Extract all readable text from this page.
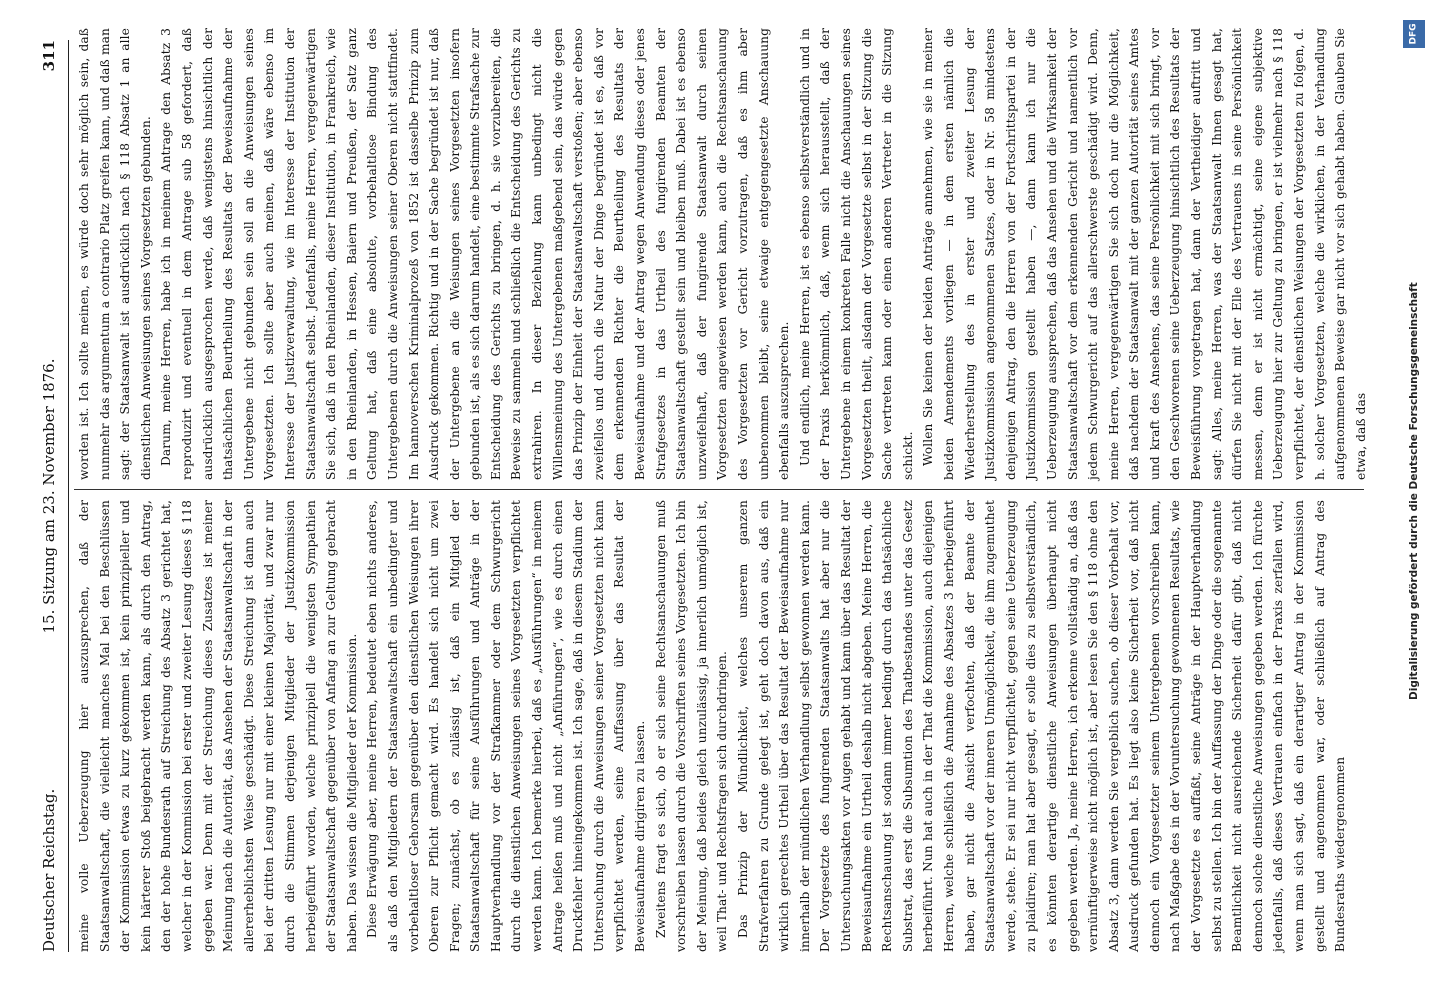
Deutscher Reichstag.
15. Sitzung am 23. November 1876.
311

meine volle Ueberzeugung hier auszusprechen, daß der Staatsanwaltschaft, die vielleicht manches Mal bei den Beschlüssen der Kommission etwas zu kurz gekommen ist, kein prinzipieller und kein härterer Stoß beigebracht werden kann, als durch den Antrag, den der hohe Bundesrath auf Streichung des Absatz 3 gerichtet hat, welcher in der Kommission bei erster und zweiter Lesung dieses § 118 gegeben war. Denn mit der Streichung dieses Zusatzes ist meiner Meinung nach die Autorität, das Ansehen der Staatsanwaltschaft in der allererheblichsten Weise geschädigt. Diese Streichung ist dann auch bei der dritten Lesung nur mit einer kleinen Majorität, und zwar nur durch die Stimmen derjenigen Mitglieder der Justizkommission herbeigeführt worden, welche prinzipiell die wenigsten Sympathien der Staatsanwaltschaft gegenüber von Anfang an zur Geltung gebracht haben. Das wissen die Mitglieder der Kommission. Diese Erwägung aber, meine Herren, bedeutet eben nichts anderes, als daß den Mitgliedern der Staatsanwaltschaft ein unbedingter und vorbehaltloser Gehorsam gegenüber den dienstlichen Weisungen ihrer Oberen zur Pflicht gemacht wird. Es handelt sich nicht um zwei Fragen; zunächst, ob es zulässig ist, daß ein Mitglied der Staatsanwaltschaft für seine Ausführungen und Anträge in der Hauptverhandlung vor der Strafkammer oder dem Schwurgericht durch die dienstlichen Anweisungen seines Vorgesetzten verpflichtet werden kann. Ich bemerke hierbei, daß es „Ausführungen“ in meinem Antrage heißen muß und nicht „Anführungen“, wie es durch einen Druckfehler hineingekommen ist. Ich sage, daß in diesem Stadium der Untersuchung durch die Anweisungen seiner Vorgesetzten nicht kann verpflichtet werden, seine Auffassung über das Resultat der Beweisaufnahme dirigiren zu lassen. Zweitens fragt es sich, ob er sich seine Rechtsanschauungen muß vorschreiben lassen durch die Vorschriften seines Vorgesetzten. Ich bin der Meinung, daß beides gleich unzulässig, ja innerlich unmöglich ist, weil That- und Rechtsfragen sich durchdringen. Das Prinzip der Mündlichkeit, welches unserem ganzen Strafverfahren zu Grunde gelegt ist, geht doch davon aus, daß ein wirklich gerechtes Urtheil über das Resultat der Beweisaufnahme nur innerhalb der mündlichen Verhandlung selbst gewonnen werden kann. Der Vorgesetzte des fungirenden Staatsanwalts hat aber nur die Untersuchungsakten vor Augen gehabt und kann über das Resultat der Beweisaufnahme ein Urtheil deshalb nicht abgeben. Meine Herren, die Rechtsanschauung ist sodann immer bedingt durch das thatsächliche Substrat, das erst die Subsumtion des Thatbestandes unter das Gesetz herbeiführt. Nun hat auch in der That die Kommission, auch diejenigen Herren, welche schließlich die Annahme des Absatzes 3 herbeigeführt haben, gar nicht die Ansicht verfochten, daß der Beamte der Staatsanwaltschaft vor der inneren Unmöglichkeit, die ihm zugemuthet werde, stehe. Er sei nur nicht verpflichtet, gegen seine Ueberzeugung zu plaidiren; man hat aber gesagt, er solle dies zu selbstverständlich, es könnten derartige dienstliche Anweisungen überhaupt nicht gegeben werden. Ja, meine Herren, ich erkenne vollständig an, daß das vernünftigerweise nicht möglich ist, aber lesen Sie den § 118 ohne den Absatz 3, dann werden Sie vergeblich suchen, ob dieser Vorbehalt vor, Ausdruck gefunden hat. Es liegt also keine Sicherheit vor, daß nicht dennoch ein Vorgesetzter seinem Untergebenen vorschreiben kann, nach Maßgabe des in der Voruntersuchung gewonnenen Resultats, wie der Vorgesetzte es auffaßt, seine Anträge in der Hauptverhandlung selbst zu stellen. Ich bin der Auffassung der Dinge oder die sogenannte Beamtlichkeit nicht ausreichende Sicherheit dafür gibt, daß nicht dennoch solche dienstliche Anweisungen gegeben werden. Ich fürchte jedenfalls, daß dieses Vertrauen einfach in der Praxis zerfallen wird, wenn man sich sagt, daß ein derartiger Antrag in der Kommission gestellt und angenommen war, oder schließlich auf Antrag des Bundesraths wiedergenommen

worden ist. Ich sollte meinen, es würde doch sehr möglich sein, daß nunmehr das argumentum a contrario Platz greifen kann, und daß man sagt: der Staatsanwalt ist ausdrücklich nach § 118 Absatz 1 an alle dienstlichen Anweisungen seines Vorgesetzten gebunden. Darum, meine Herren, habe ich in meinem Antrage den Absatz 3 reproduzirt und eventuell in dem Antrage sub 58 gefordert, daß ausdrücklich ausgesprochen werde, daß wenigstens hinsichtlich der thatsächlichen Beurtheilung des Resultats der Beweisaufnahme der Untergebene nicht gebunden sein soll an die Anweisungen seines Vorgesetzten. Ich sollte aber auch meinen, daß wäre ebenso im Interesse der Justizverwaltung, wie im Interesse der Institution der Staatsanwaltschaft selbst. Jedenfalls, meine Herren, vergegenwärtigen Sie sich, daß in den Rheinlanden, dieser Institution, in Frankreich, wie in den Rheinlanden, in Hessen, Baiern und Preußen, der Satz ganz Geltung hat, daß eine absolute, vorbehaltlose Bindung des Untergebenen durch die Anweisungen seiner Oberen nicht stattfindet. Im hannoverschen Kriminalprozeß von 1852 ist dasselbe Prinzip zum Ausdruck gekommen. Richtig und in der Sache begründet ist nur, daß der Untergebene an die Weisungen seines Vorgesetzten insofern gebunden ist, als es sich darum handelt, eine bestimmte Strafsache zur Entscheidung des Gerichts zu bringen, d. h. sie vorzubereiten, die Beweise zu sammeln und schließlich die Entscheidung des Gerichts zu extrahiren. In dieser Beziehung kann unbedingt nicht die Willensmeinung des Untergebenen maßgebend sein, das würde gegen das Prinzip der Einheit der Staatsanwaltschaft verstoßen; aber ebenso zweifellos und durch die Natur der Dinge begründet ist es, daß vor dem erkennenden Richter die Beurtheilung des Resultats der Beweisaufnahme und der Antrag wegen Anwendung dieses oder jenes Strafgesetzes in das Urtheil des fungirenden Beamten der Staatsanwaltschaft gestellt sein und bleiben muß. Dabei ist es ebenso unzweifelhaft, daß der fungirende Staatsanwalt durch seinen Vorgesetzten angewiesen werden kann, auch die Rechtsanschauung des Vorgesetzten vor Gericht vorzutragen, daß es ihm aber unbenommen bleibt, seine etwaige entgegengesetzte Anschauung ebenfalls auszusprechen. Und endlich, meine Herren, ist es ebenso selbstverständlich und in der Praxis herkömmlich, daß, wenn sich herausstellt, daß der Untergebene in einem konkreten Falle nicht die Anschauungen seines Vorgesetzten theilt, alsdann der Vorgesetzte selbst in der Sitzung die Sache vertreten kann oder einen anderen Vertreter in die Sitzung schickt. Wollen Sie keinen der beiden Anträge annehmen, wie sie in meiner beiden Amendements vorliegen — in dem ersten nämlich die Wiederherstellung des in erster und zweiter Lesung der Justizkommission angenommenen Satzes, oder in Nr. 58 mindestens denjenigen Antrag, den die Herren von der Fortschrittspartei in der Justizkommission gestellt haben —, dann kann ich nur die Ueberzeugung aussprechen, daß das Ansehen und die Wirksamkeit der Staatsanwaltschaft vor dem erkennenden Gericht und namentlich vor jedem Schwurgericht auf das allerschwerste geschädigt wird. Denn, meine Herren, vergegenwärtigen Sie sich doch nur die Möglichkeit, daß nachdem der Staatsanwalt mit der ganzen Autorität seines Amtes und kraft des Ansehens, das seine Persönlichkeit mit sich bringt, vor den Geschworenen seine Ueberzeugung hinsichtlich des Resultats der Beweisführung vorgetragen hat, dann der Vertheidiger auftritt und sagt: Alles, meine Herren, was der Staatsanwalt Ihnen gesagt hat, dürfen Sie nicht mit der Elle des Vertrauens in seine Persönlichkeit messen, denn er ist nicht ermächtigt, seine eigene subjektive Ueberzeugung hier zur Geltung zu bringen, er ist vielmehr nach § 118 verpflichtet, der dienstlichen Weisungen der Vorgesetzten zu folgen, d. h. solcher Vorgesetzten, welche die wirklichen, in der Verhandlung aufgenommenen Beweise gar nicht vor sich gehabt haben. Glauben Sie etwa, daß das	Digitalisierung gefördert durch die Deutsche Forschungsgemeinschaft
DFG
